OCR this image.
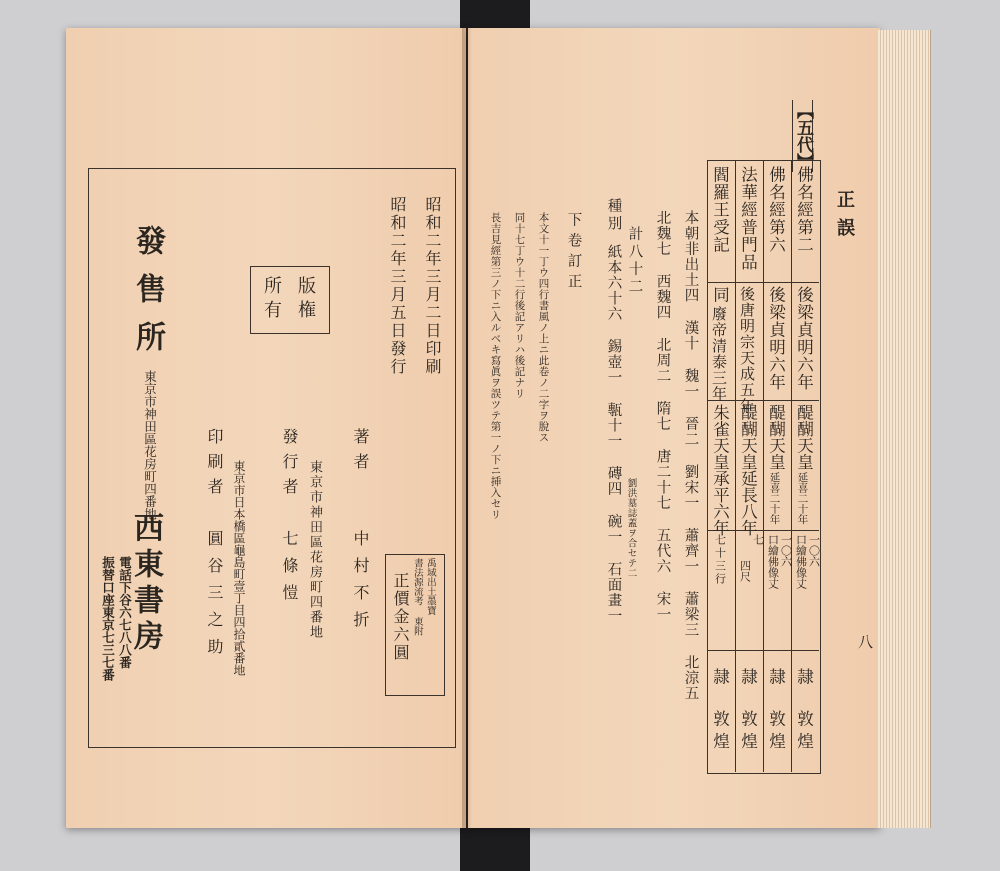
昭和二年三月二日印刷
昭和二年三月五日發行
版権
所有
著者
中村不折
東京市神田區花房町四番地
發行者
七條愷
東京市日本橋區龜島町壹丁目四拾貳番地
印刷者
圓谷三之助	禹域出土墨寶
書法源流考 東附
正價金六圓
發售所
東京市神田區花房町四番地
西東書房
電話下谷六七八八番
振替口座東京七三七番
【五代】
正誤
佛名經第二
後梁貞明六年
醍醐天皇
延喜二十年
一〇六
口繪佛像丈
隷
敦煌
佛名經第六
後梁貞明六年
醍醐天皇
延喜二十年
一〇六
口繪佛像丈
隷
敦煌
法華經普門品
後唐明宗天成五年
醍醐天皇延長八年
七
四尺
隷
敦煌
閻羅王受記
同
廢帝清泰三年
朱雀天皇承平六年
七十三行
隷
敦煌
本朝非出土四 漢十 魏一 晉二 劉宋一 蕭齊一 蕭梁三 北涼五
北魏七 西魏四 北周二 隋七 唐二十七 五代六 宋一
計八十二
種別
紙本六十六 錫壺一 甎十一 磚四 碗一 石面畫一 劉洪墓誌蓋ヲ合セテ二
下卷訂正
本文十一丁ウ四行書風ノ上ニ此卷ノ二字ヲ脫ス
同十七丁ウ十二行後記アリハ後記ナリ
長吉見經第三ノ下ニ入ルベキ寫眞ヲ誤ツテ第一ノ下ニ挿入セリ
八
